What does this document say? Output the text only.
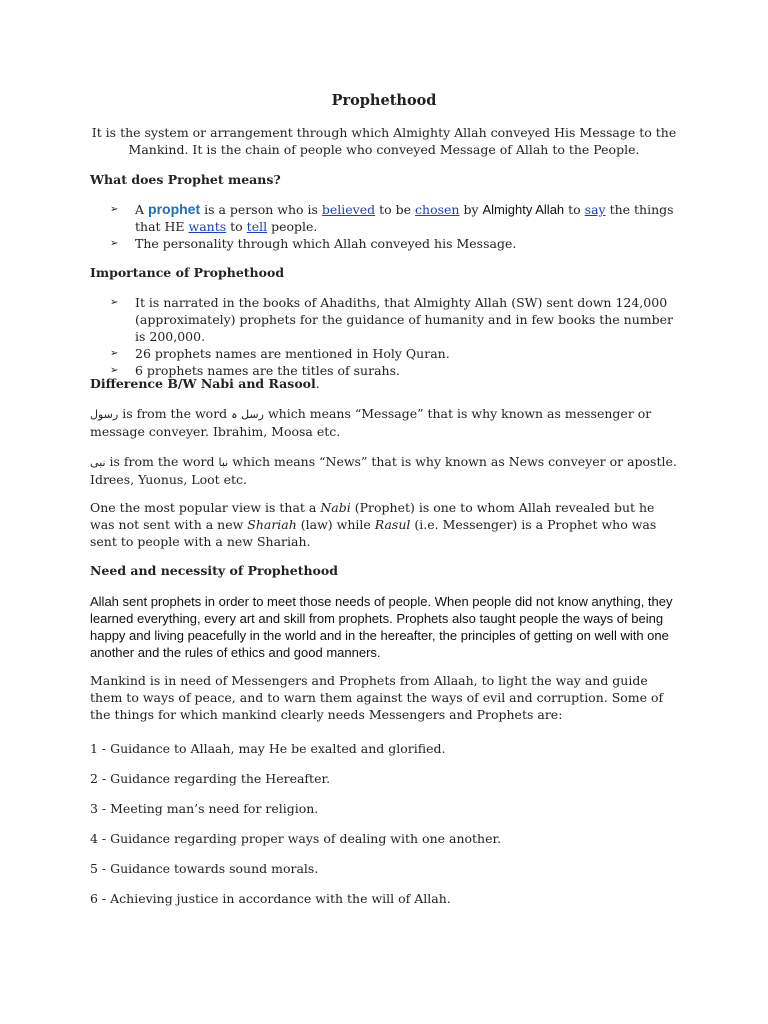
Prophethood

It is the system or arrangement through which Almighty Allah conveyed His Message to the Mankind. It is the chain of people who conveyed Message of Allah to the People.

What does Prophet means?
➢ A prophet is a person who is believed to be chosen by Almighty Allah to say the things that HE wants to tell people.
➢ The personality through which Allah conveyed his Message.
Importance of Prophethood
➢ It is narrated in the books of Ahadiths, that Almighty Allah (SW) sent down 124,000 (approximately) prophets for the guidance of humanity and in few books the number is 200,000.
➢ 26 prophets names are mentioned in Holy Quran.
➢ 6 prophets names are the titles of surahs.
Difference B/W Nabi and Rasool.

رسول is from the word رسل ہ which means “Message” that is why known as messenger or message conveyer. Ibrahim, Moosa etc.

نبی is from the word نبا which means “News” that is why known as News conveyer or apostle. Idrees, Yuonus, Loot etc.

One the most popular view is that a Nabi (Prophet) is one to whom Allah revealed but he was not sent with a new Shariah (law) while Rasul (i.e. Messenger) is a Prophet who was sent to people with a new Shariah.

Need and necessity of Prophethood

Allah sent prophets in order to meet those needs of people. When people did not know anything, they learned everything, every art and skill from prophets. Prophets also taught people the ways of being happy and living peacefully in the world and in the hereafter, the principles of getting on well with one another and the rules of ethics and good manners.

Mankind is in need of Messengers and Prophets from Allaah, to light the way and guide them to ways of peace, and to warn them against the ways of evil and corruption. Some of the things for which mankind clearly needs Messengers and Prophets are:

1 - Guidance to Allaah, may He be exalted and glorified.

2 - Guidance regarding the Hereafter.

3 - Meeting man’s need for religion.

4 - Guidance regarding proper ways of dealing with one another.

5 - Guidance towards sound morals.

6 - Achieving justice in accordance with the will of Allah.
